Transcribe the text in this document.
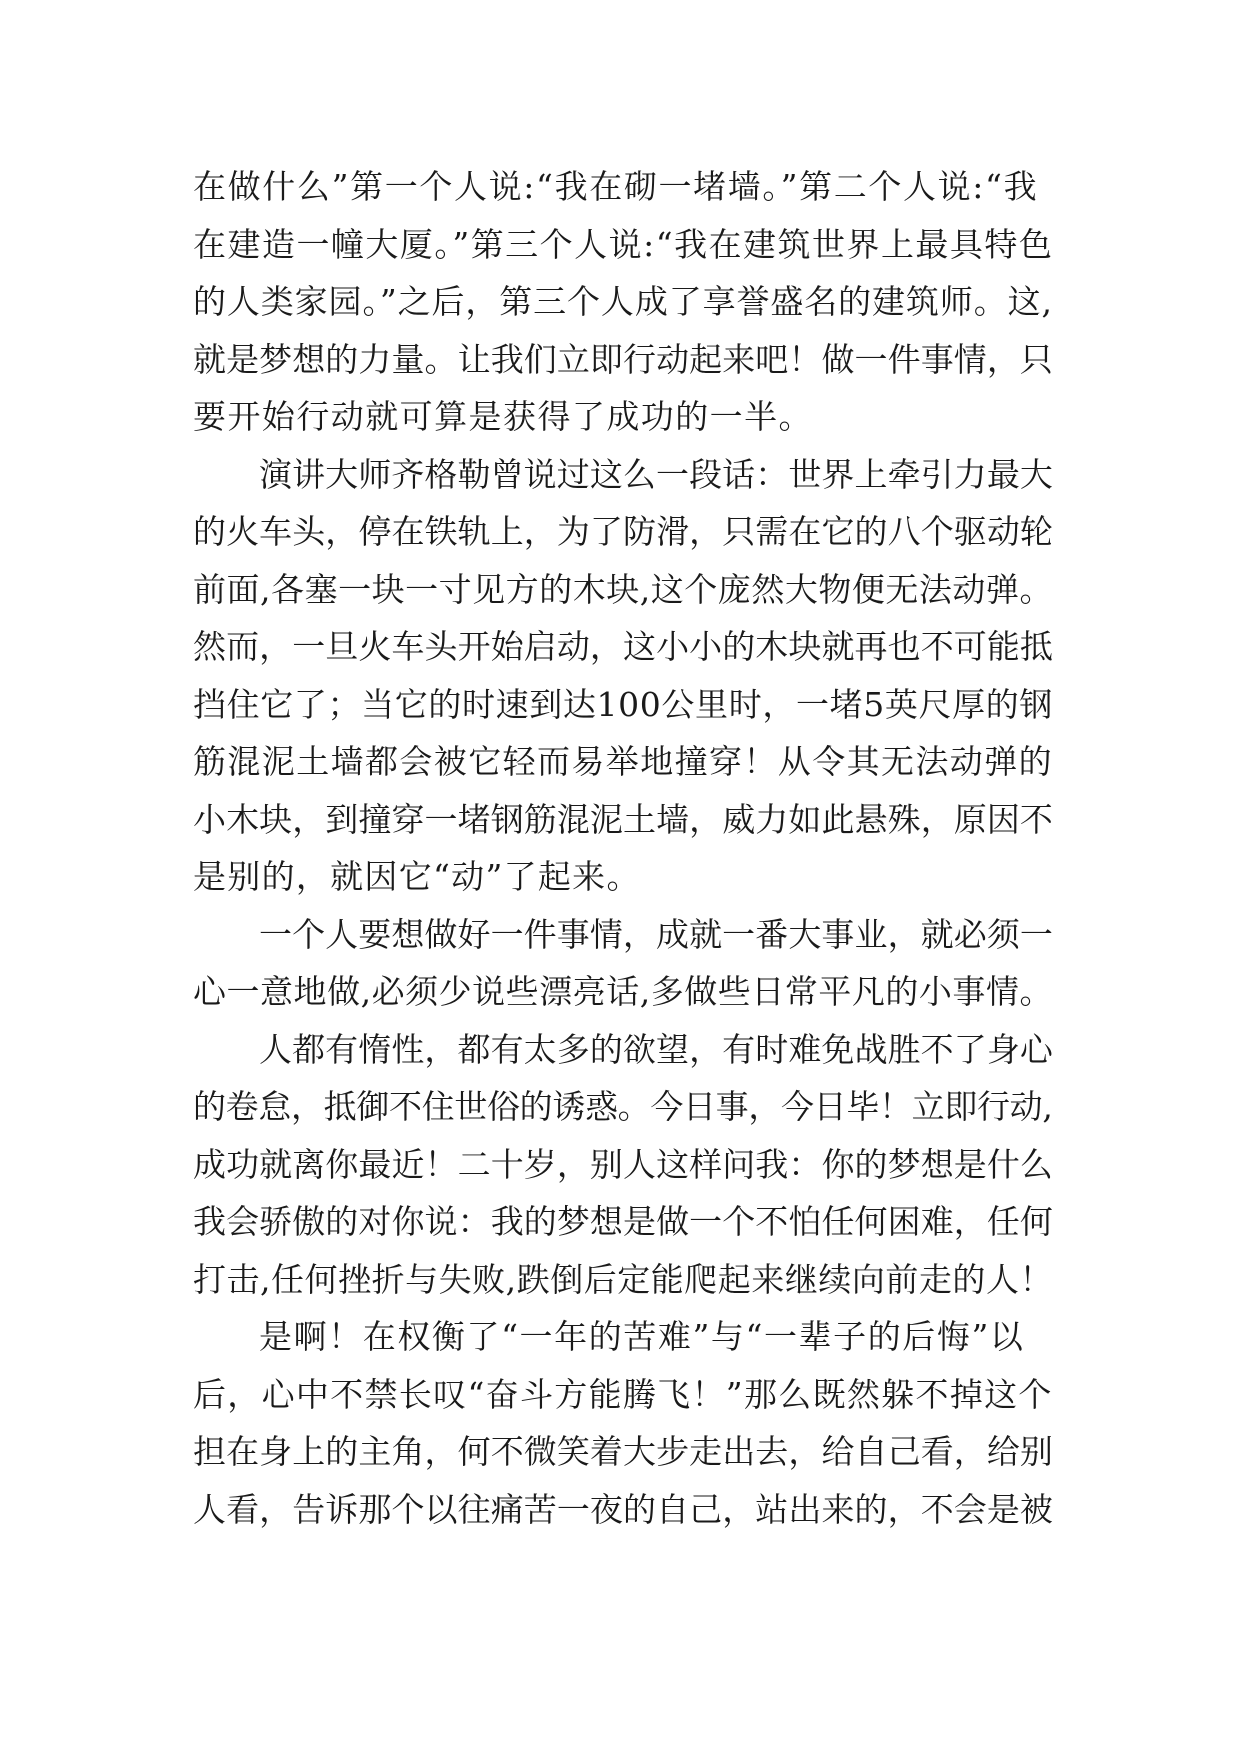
在做什么”第一个人说:“我在砌一堵墙。”第二个人说:“我
在建造一幢大厦。”第三个人说:“我在建筑世界上最具特色
的人类家园。”之后，第三个人成了享誉盛名的建筑师。这,
就是梦想的力量。让我们立即行动起来吧！做一件事情，只
要开始行动就可算是获得了成功的一半。
演讲大师齐格勒曾说过这么一段话：世界上牵引力最大
的火车头，停在铁轨上，为了防滑，只需在它的八个驱动轮
前面,各塞一块一寸见方的木块,这个庞然大物便无法动弹。
然而，一旦火车头开始启动，这小小的木块就再也不可能抵
挡住它了；当它的时速到达100公里时，一堵5英尺厚的钢
筋混泥土墙都会被它轻而易举地撞穿！从令其无法动弹的
小木块，到撞穿一堵钢筋混泥土墙，威力如此悬殊，原因不
是别的，就因它“动”了起来。
一个人要想做好一件事情，成就一番大事业，就必须一
心一意地做,必须少说些漂亮话,多做些日常平凡的小事情。
人都有惰性，都有太多的欲望，有时难免战胜不了身心
的卷怠，抵御不住世俗的诱惑。今日事，今日毕！立即行动,
成功就离你最近！二十岁，别人这样问我：你的梦想是什么
我会骄傲的对你说：我的梦想是做一个不怕任何困难，任何
打击,任何挫折与失败,跌倒后定能爬起来继续向前走的人！
是啊！在权衡了“一年的苦难”与“一辈子的后悔”以
后，心中不禁长叹“奋斗方能腾飞！”那么既然躲不掉这个
担在身上的主角，何不微笑着大步走出去，给自己看，给别
人看，告诉那个以往痛苦一夜的自己，站出来的，不会是被
